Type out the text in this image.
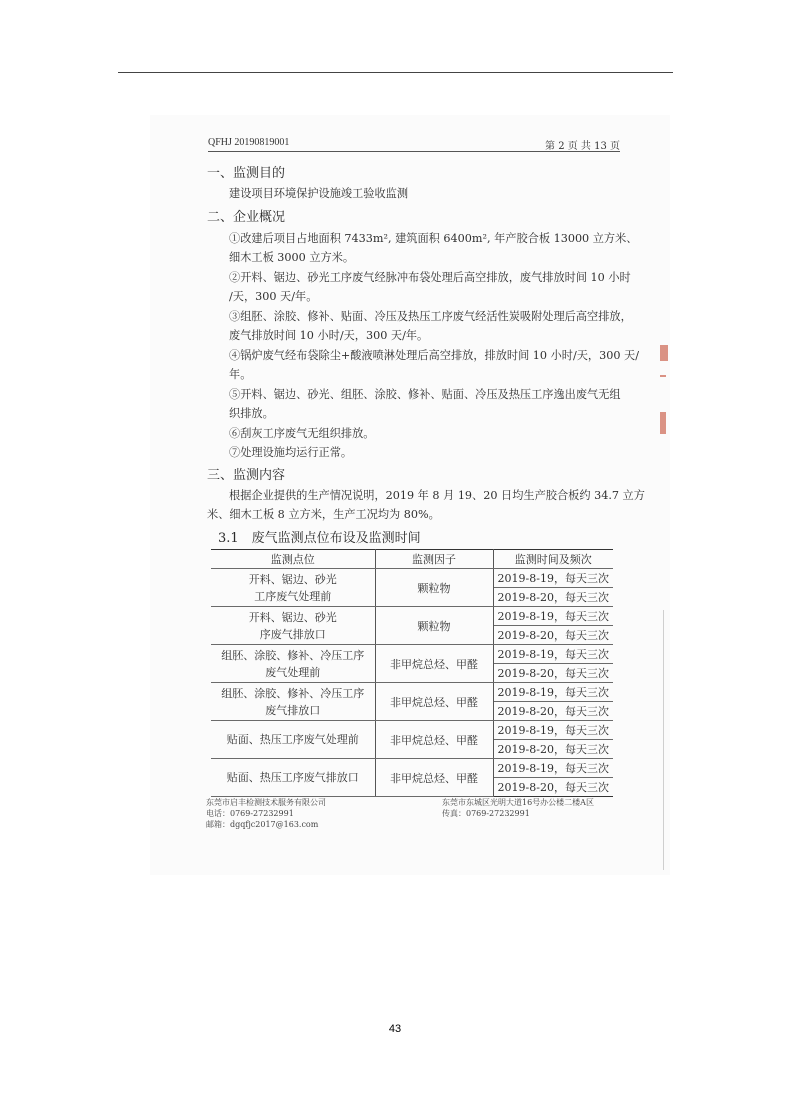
QFHJ 20190819001	第 2 页 共 13 页
一、监测目的
建设项目环境保护设施竣工验收监测
二、企业概况
①改建后项目占地面积 7433m², 建筑面积 6400m², 年产胶合板 13000 立方米、
细木工板 3000 立方米。
②开料、锯边、砂光工序废气经脉冲布袋处理后高空排放，废气排放时间 10 小时
/天，300 天/年。
③组胚、涂胶、修补、贴面、冷压及热压工序废气经活性炭吸附处理后高空排放，
废气排放时间 10 小时/天，300 天/年。
④锅炉废气经布袋除尘+酸液喷淋处理后高空排放，排放时间 10 小时/天，300 天/
年。
⑤开料、锯边、砂光、组胚、涂胶、修补、贴面、冷压及热压工序逸出废气无组
织排放。
⑥刮灰工序废气无组织排放。
⑦处理设施均运行正常。
三、监测内容
根据企业提供的生产情况说明，2019 年 8 月 19、20 日均生产胶合板约 34.7 立方
米、细木工板 8 立方米，生产工况均为 80%。
3.1　废气监测点位布设及监测时间
监测点位	监测因子	监测时间及频次
开料、锯边、砂光
工序废气处理前	颗粒物	2019-8-19，每天三次
		2019-8-20，每天三次
开料、锯边、砂光
序废气排放口	颗粒物	2019-8-19，每天三次
		2019-8-20，每天三次
组胚、涂胶、修补、冷压工序
废气处理前	非甲烷总烃、甲醛	2019-8-19，每天三次
		2019-8-20，每天三次
组胚、涂胶、修补、冷压工序
废气排放口	非甲烷总烃、甲醛	2019-8-19，每天三次
		2019-8-20，每天三次
贴面、热压工序废气处理前	非甲烷总烃、甲醛	2019-8-19，每天三次
		2019-8-20，每天三次
贴面、热压工序废气排放口	非甲烷总烃、甲醛	2019-8-19，每天三次
		2019-8-20，每天三次
东莞市启丰检测技术服务有限公司
电话：0769-27232991
邮箱：dgqfjc2017@163.com
东莞市东城区光明大道16号办公楼二楼A区
传真：0769-27232991
43
